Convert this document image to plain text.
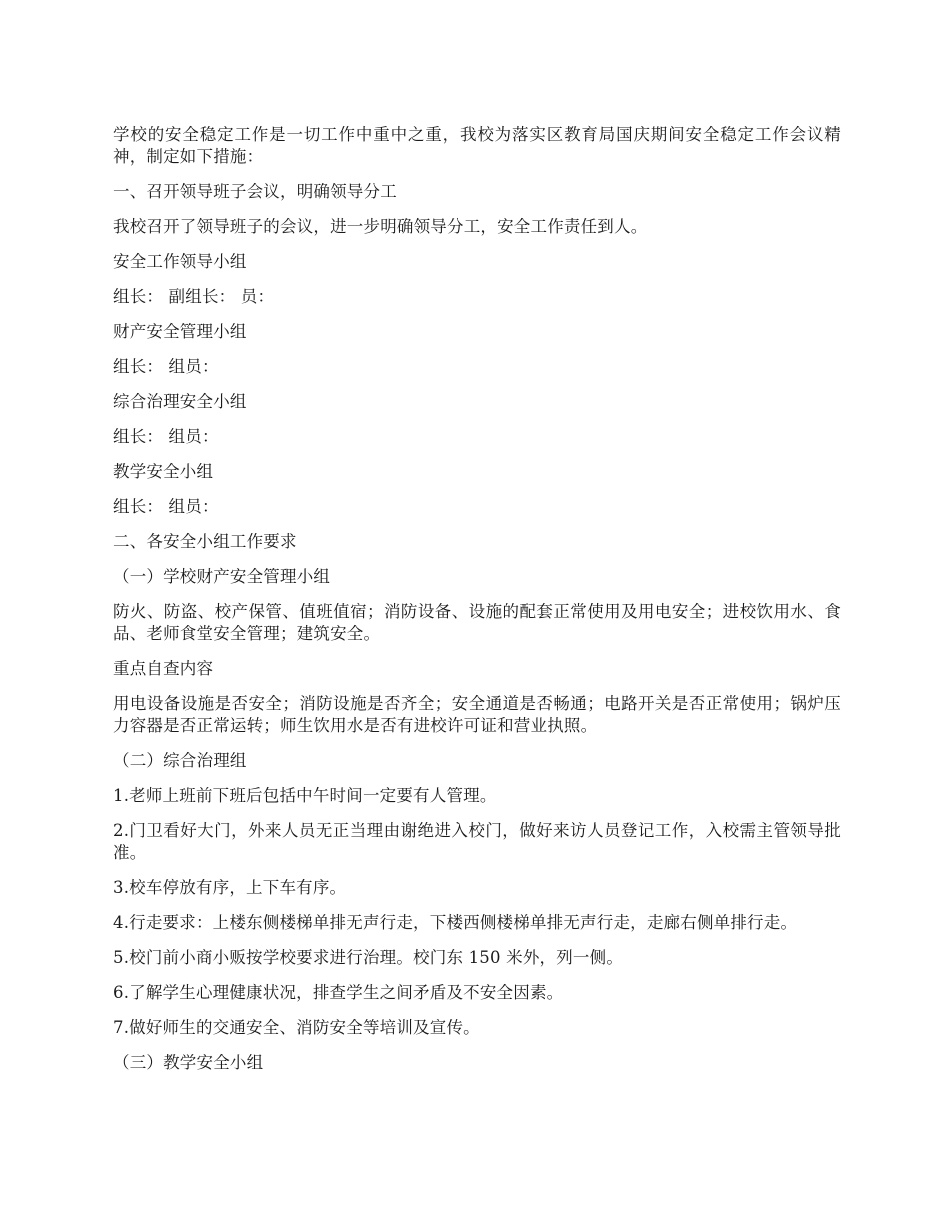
学校的安全稳定工作是一切工作中重中之重，我校为落实区教育局国庆期间安全稳定工作会议精神，制定如下措施：

一、召开领导班子会议，明确领导分工

我校召开了领导班子的会议，进一步明确领导分工，安全工作责任到人。

安全工作领导小组

组长： 副组长： 员：

财产安全管理小组

组长： 组员：

综合治理安全小组

组长： 组员：

教学安全小组

组长： 组员：

二、各安全小组工作要求

（一）学校财产安全管理小组

防火、防盗、校产保管、值班值宿；消防设备、设施的配套正常使用及用电安全；进校饮用水、食品、老师食堂安全管理；建筑安全。

重点自查内容

用电设备设施是否安全；消防设施是否齐全；安全通道是否畅通；电路开关是否正常使用；锅炉压力容器是否正常运转；师生饮用水是否有进校许可证和营业执照。

（二）综合治理组

1.老师上班前下班后包括中午时间一定要有人管理。

2.门卫看好大门，外来人员无正当理由谢绝进入校门，做好来访人员登记工作，入校需主管领导批准。

3.校车停放有序，上下车有序。

4.行走要求：上楼东侧楼梯单排无声行走，下楼西侧楼梯单排无声行走，走廊右侧单排行走。

5.校门前小商小贩按学校要求进行治理。校门东 150 米外，列一侧。

6.了解学生心理健康状况，排查学生之间矛盾及不安全因素。

7.做好师生的交通安全、消防安全等培训及宣传。

（三）教学安全小组
